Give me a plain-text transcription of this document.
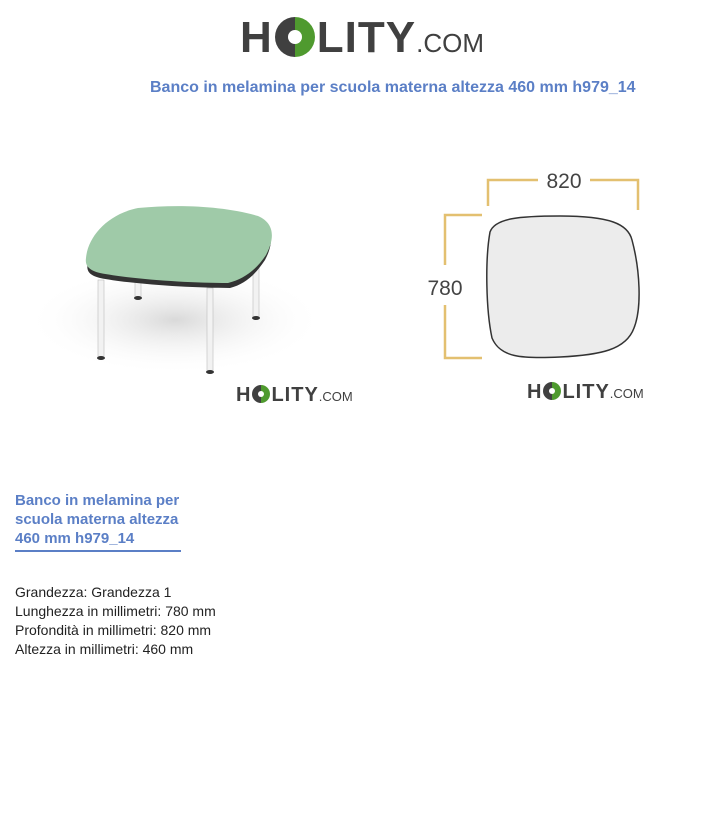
H LITY .COM
Banco in melamina per scuola materna altezza 460 mm h979_14
H LITY .COM
820
780
H LITY .COM
Banco in melamina per scuola materna altezza 460 mm h979_14
Grandezza: Grandezza 1
Lunghezza in millimetri: 780 mm
Profondità in millimetri: 820 mm
Altezza in millimetri: 460 mm
